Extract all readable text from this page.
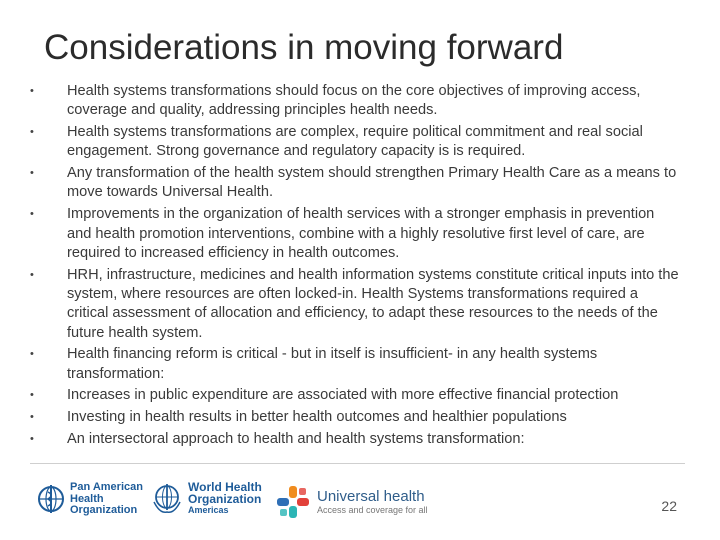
Considerations in moving forward
• Health systems transformations should focus on the core objectives of improving access, coverage and quality, addressing principles health needs.
• Health systems transformations are complex, require political commitment and real social engagement. Strong governance and regulatory capacity is is required.
• Any transformation of the health system should strengthen Primary Health Care as a means to move towards Universal Health.
• Improvements in the organization of health services with a stronger emphasis in prevention and health promotion interventions, combine with a highly resolutive first level of care, are required to increased efficiency in health outcomes.
• HRH, infrastructure, medicines and health information systems constitute critical inputs into the system, where resources are often locked-in. Health Systems transformations required a critical assessment of allocation and efficiency, to adapt these resources to the needs of the future health system.
• Health financing reform is critical - but in itself is insufficient- in any health systems transformation:
• Increases in public expenditure are associated with more effective financial protection
• Investing in health results in better health outcomes and healthier populations
• An intersectoral approach to health and health systems transformation:
Pan American
Health
Organization
World Health
Organization
Americas
Universal health
Access and coverage for all	22
